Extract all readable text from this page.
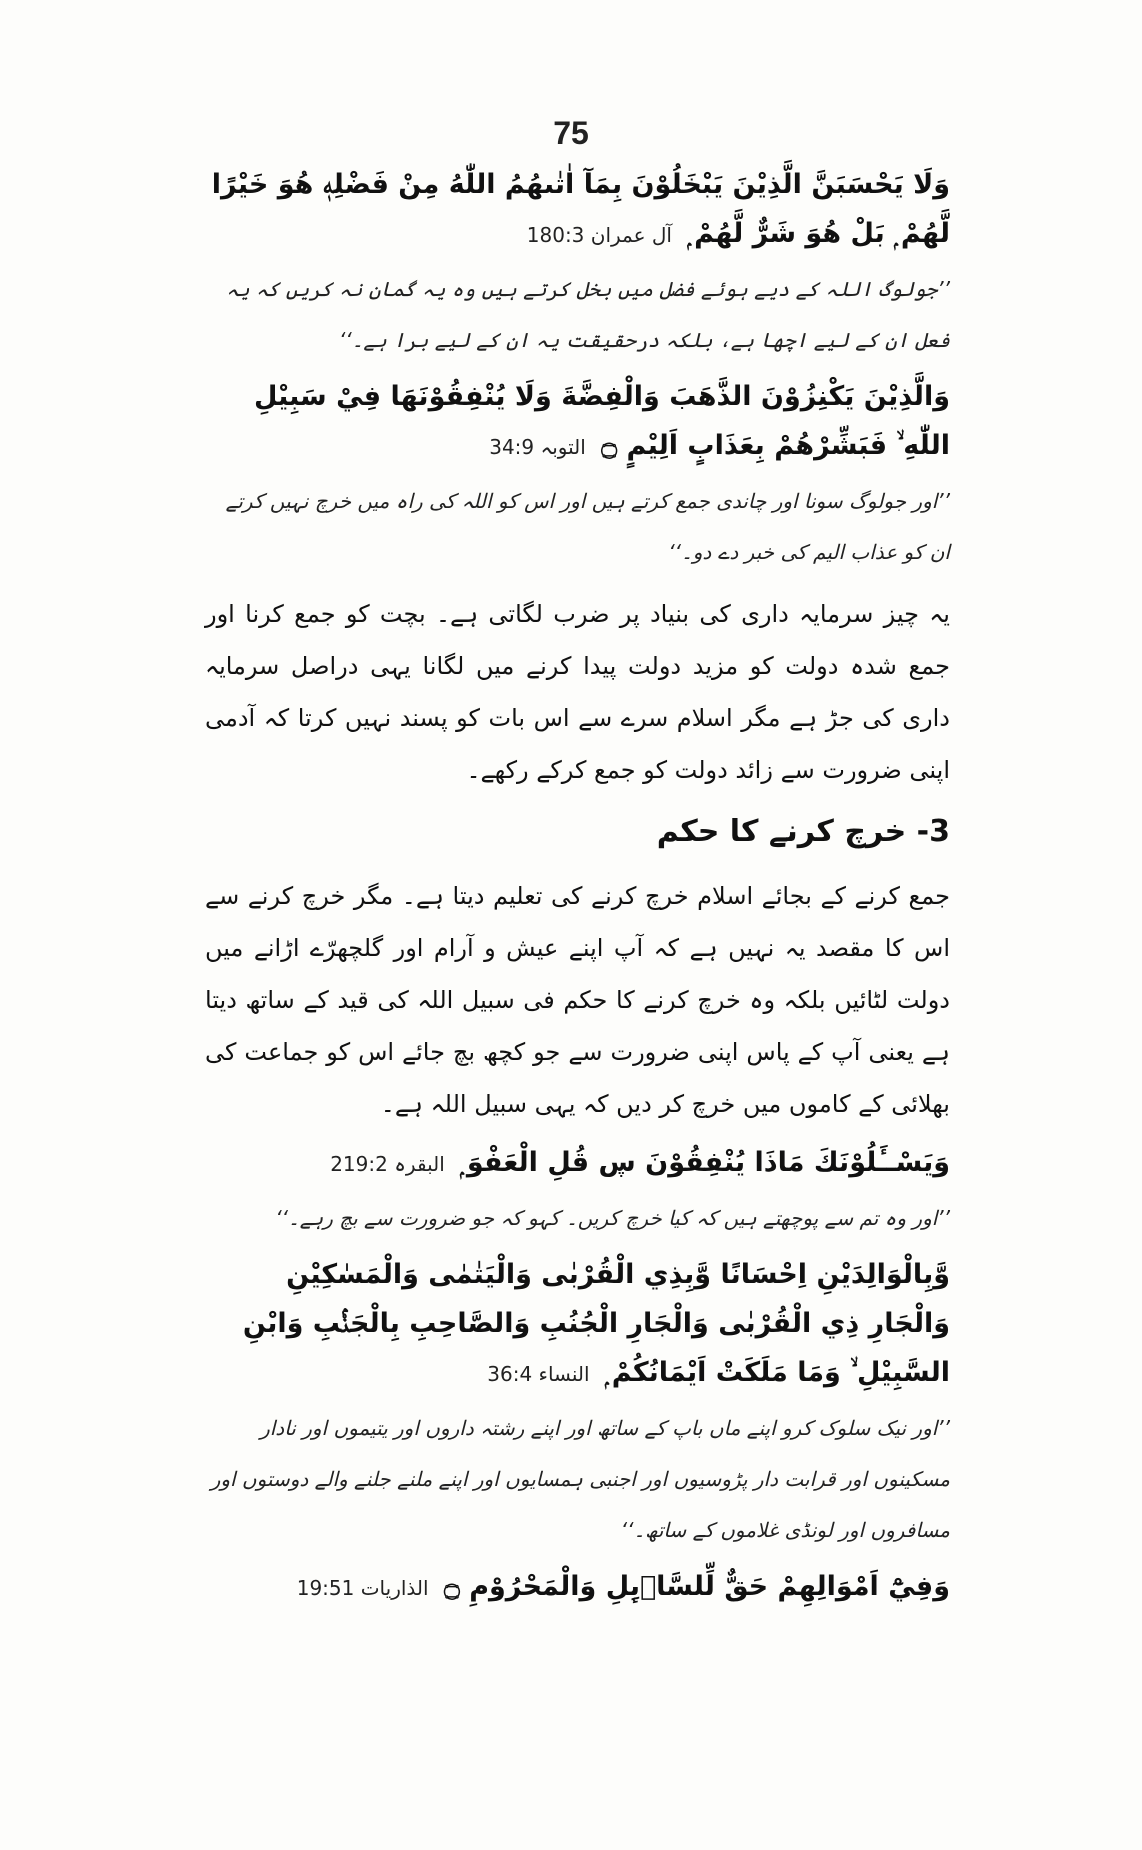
75

وَلَا يَحْسَبَنَّ الَّذِيْنَ يَبْخَلُوْنَ بِمَآ اٰتٰىهُمُ اللّٰهُ مِنْ فَضْلِهٖ هُوَ خَيْرًا لَّهُمْ ۭ بَلْ هُوَ شَرٌّ لَّهُمْ ۭ آل عمران 180:3

’’جولوگ اللہ کے دیے ہوئے فضل میں بخل کرتے ہیں وہ یہ گمان نہ کریں کہ یہ فعل ان کے لیے اچھا ہے، بلکہ درحقیقت یہ ان کے لیے برا ہے۔‘‘

وَالَّذِيْنَ يَكْنِزُوْنَ الذَّهَبَ وَالْفِضَّةَ وَلَا يُنْفِقُوْنَهَا فِيْ سَبِيْلِ اللّٰهِ ۙ فَبَشِّرْهُمْ بِعَذَابٍ اَلِيْمٍ ۝ التوبہ 34:9

’’اور جولوگ سونا اور چاندی جمع کرتے ہیں اور اس کو اللہ کی راہ میں خرچ نہیں کرتے ان کو عذاب الیم کی خبر دے دو۔‘‘

یہ چیز سرمایہ داری کی بنیاد پر ضرب لگاتی ہے۔ بچت کو جمع کرنا اور جمع شدہ دولت کو مزید دولت پیدا کرنے میں لگانا یہی دراصل سرمایہ داری کی جڑ ہے مگر اسلام سرے سے اس بات کو پسند نہیں کرتا کہ آدمی اپنی ضرورت سے زائد دولت کو جمع کرکے رکھے۔

3- خرچ کرنے کا حکم

جمع کرنے کے بجائے اسلام خرچ کرنے کی تعلیم دیتا ہے۔ مگر خرچ کرنے سے اس کا مقصد یہ نہیں ہے کہ آپ اپنے عیش و آرام اور گلچھرّے اڑانے میں دولت لٹائیں بلکہ وہ خرچ کرنے کا حکم فی سبیل اللہ کی قید کے ساتھ دیتا ہے یعنی آپ کے پاس اپنی ضرورت سے جو کچھ بچ جائے اس کو جماعت کی بھلائی کے کاموں میں خرچ کر دیں کہ یہی سبیل اللہ ہے۔

وَيَسْــَٔلُوْنَكَ مَاذَا يُنْفِقُوْنَ ڛ قُلِ الْعَفْوَ ۭ البقرہ 219:2

’’اور وہ تم سے پوچھتے ہیں کہ کیا خرچ کریں۔ کہو کہ جو ضرورت سے بچ رہے۔‘‘

وَّبِالْوَالِدَيْنِ اِحْسَانًا وَّبِذِي الْقُرْبٰى وَالْيَتٰمٰى وَالْمَسٰكِيْنِ وَالْجَارِ ذِي الْقُرْبٰى وَالْجَارِ الْجُنُبِ وَالصَّاحِبِ بِالْجَنْۢبِ وَابْنِ السَّبِيْلِ ۙ وَمَا مَلَكَتْ اَيْمَانُكُمْ ۭ النساء 36:4

’’اور نیک سلوک کرو اپنے ماں باپ کے ساتھ اور اپنے رشتہ داروں اور یتیموں اور نادار مسکینوں اور قرابت دار پڑوسیوں اور اجنبی ہمسایوں اور اپنے ملنے جلنے والے دوستوں اور مسافروں اور لونڈی غلاموں کے ساتھ۔‘‘

وَفِيْٓ اَمْوَالِهِمْ حَقٌّ لِّلسَّاۗىِٕلِ وَالْمَحْرُوْمِ ۝ الذاریات 19:51
